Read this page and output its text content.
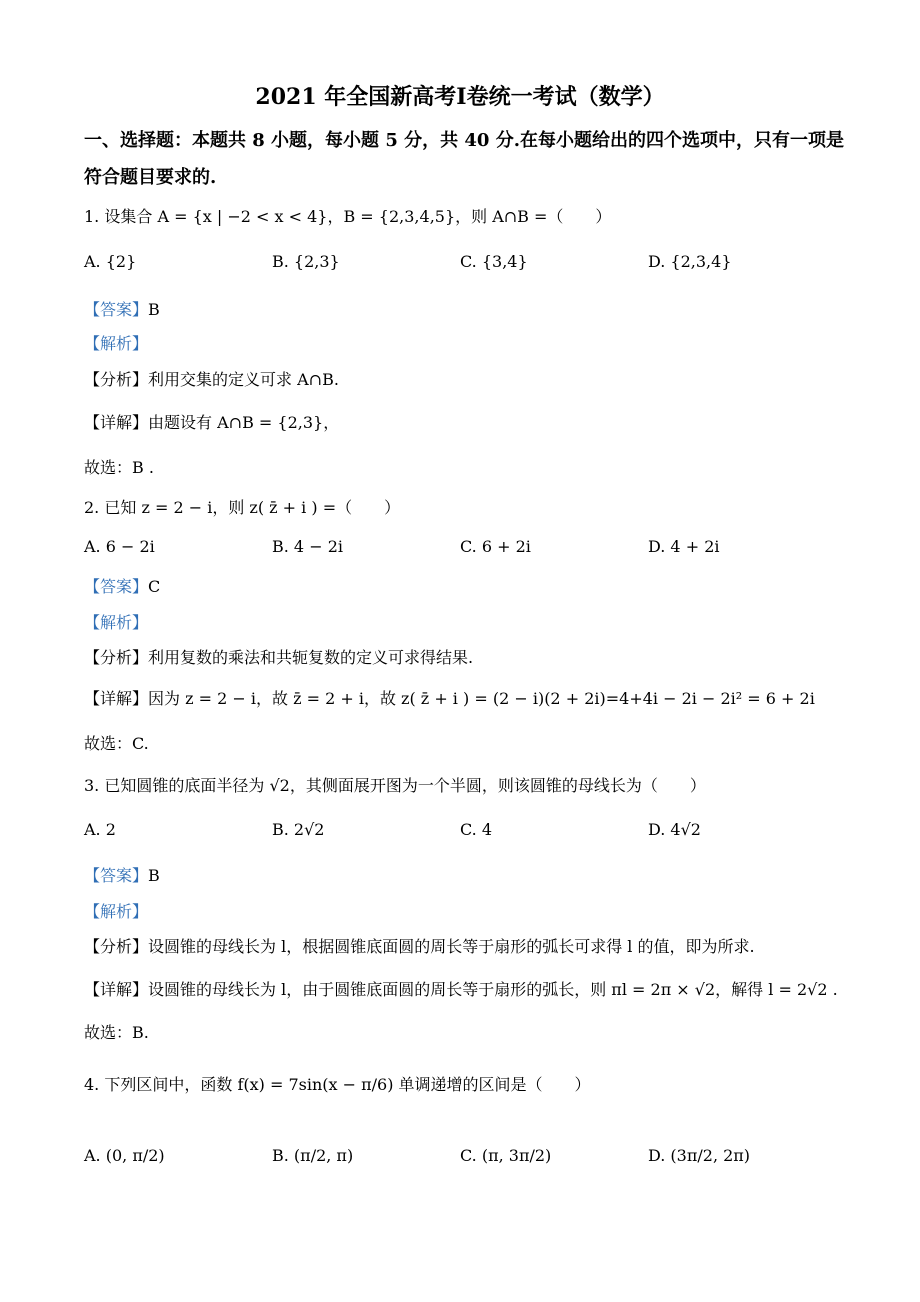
2021 年全国新高考Ⅰ卷统一考试（数学）
一、选择题：本题共 8 小题，每小题 5 分，共 40 分.在每小题给出的四个选项中，只有一项是
符合题目要求的.
1. 设集合 A = {x | −2 < x < 4}，B = {2,3,4,5}，则 A∩B =（　　）
A. {2}	B. {2,3}	C. {3,4}	D. {2,3,4}
【答案】B
【解析】
【分析】利用交集的定义可求 A∩B.
【详解】由题设有 A∩B = {2,3}，
故选：B .
2. 已知 z = 2 − i，则 z( z̄ + i ) =（　　）
A. 6 − 2i	B. 4 − 2i	C. 6 + 2i	D. 4 + 2i
【答案】C
【解析】
【分析】利用复数的乘法和共轭复数的定义可求得结果.
【详解】因为 z = 2 − i，故 z̄ = 2 + i，故 z( z̄ + i ) = (2 − i)(2 + 2i)=4+4i − 2i − 2i² = 6 + 2i
故选：C.
3. 已知圆锥的底面半径为 √2，其侧面展开图为一个半圆，则该圆锥的母线长为（　　）
A. 2	B. 2√2	C. 4	D. 4√2
【答案】B
【解析】
【分析】设圆锥的母线长为 l，根据圆锥底面圆的周长等于扇形的弧长可求得 l 的值，即为所求.
【详解】设圆锥的母线长为 l，由于圆锥底面圆的周长等于扇形的弧长，则 πl = 2π × √2，解得 l = 2√2 .
故选：B.
4. 下列区间中，函数 f(x) = 7sin(x − π/6) 单调递增的区间是（　　）
A. (0, π/2)	B. (π/2, π)	C. (π, 3π/2)	D. (3π/2, 2π)
